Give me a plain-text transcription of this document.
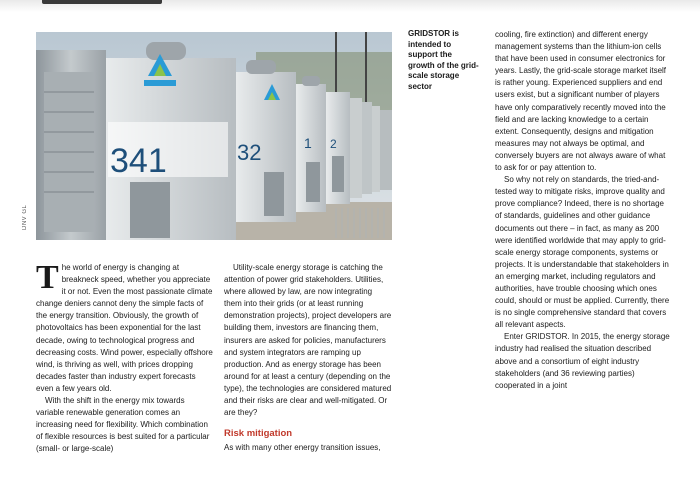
341	32	1 2
DNV GL
GRIDSTOR is intended to support the growth of the grid-scale storage sector

The world of energy is changing at breakneck speed, whether you appreciate it or not. Even the most passionate climate change deniers cannot deny the simple facts of the energy transition. Obviously, the growth of photovoltaics has been exponential for the last decade, owing to technological progress and decreasing costs. Wind power, especially offshore wind, is thriving as well, with prices dropping decades faster than industry expert forecasts even a few years old.

With the shift in the energy mix towards variable renewable generation comes an increasing need for flexibility. Which combination of flexible resources is best suited for a particular (small- or large-scale)

Utility-scale energy storage is catching the attention of power grid stakeholders. Utilities, where allowed by law, are now integrating them into their grids (or at least running demonstration projects), project developers are building them, investors are financing them, insurers are asked for policies, manufacturers and system integrators are ramping up production. And as energy storage has been around for at least a century (depending on the type), the technologies are considered matured and their risks are clear and well-mitigated. Or are they?

Risk mitigation

As with many other energy transition issues,

cooling, fire extinction) and different energy management systems than the lithium-ion cells that have been used in consumer electronics for years. Lastly, the grid-scale storage market itself is rather young. Experienced suppliers and end users exist, but a significant number of players have only comparatively recently moved into the field and are lacking knowledge to a certain extent. Consequently, designs and mitigation measures may not always be optimal, and conversely buyers are not always aware of what to ask for or pay attention to.

So why not rely on standards, the tried-and-tested way to mitigate risks, improve quality and prove compliance? Indeed, there is no shortage of standards, guidelines and other guidance documents out there – in fact, as many as 200 were identified worldwide that may apply to grid-scale energy storage components, systems or projects. It is understandable that stakeholders in an emerging market, including regulators and authorities, have trouble choosing which ones could, should or must be applied. Currently, there is no single comprehensive standard that covers all relevant aspects.

Enter GRIDSTOR. In 2015, the energy storage industry had realised the situation described above and a consortium of eight industry stakeholders (and 36 reviewing parties) cooperated in a joint
